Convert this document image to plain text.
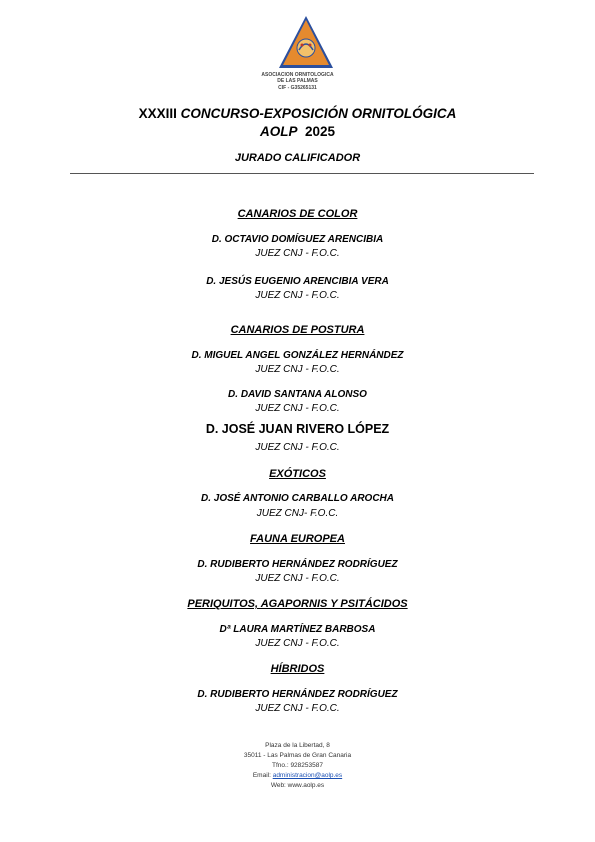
ASOCIACION ORNITOLOGICA
DE LAS PALMAS
CIF - G35265131
XXXIII CONCURSO-EXPOSICIÓN ORNITOLÓGICA
AOLP 2025
JURADO CALIFICADOR
CANARIOS DE COLOR
D. OCTAVIO DOMÍGUEZ ARENCIBIA
JUEZ CNJ - F.O.C.
D. JESÚS EUGENIO ARENCIBIA VERA
JUEZ CNJ - F.O.C.
CANARIOS DE POSTURA
D. MIGUEL ANGEL GONZÁLEZ HERNÁNDEZ
JUEZ CNJ - F.O.C.
D. DAVID SANTANA ALONSO
JUEZ CNJ - F.O.C.
D. JOSÉ JUAN RIVERO LÓPEZ
JUEZ CNJ - F.O.C.
EXÓTICOS
D. JOSÉ ANTONIO CARBALLO AROCHA
JUEZ CNJ- F.O.C.
FAUNA EUROPEA
D. RUDIBERTO HERNÁNDEZ RODRÍGUEZ
JUEZ CNJ - F.O.C.
PERIQUITOS, AGAPORNIS Y PSITÁCIDOS
Dª LAURA MARTÍNEZ BARBOSA
JUEZ CNJ - F.O.C.
HÍBRIDOS
D. RUDIBERTO HERNÁNDEZ RODRÍGUEZ
JUEZ CNJ - F.O.C.
Plaza de la Libertad, 8
35011 - Las Palmas de Gran Canaria
Tfno.: 928253587
Email: administracion@aolp.es
Web: www.aolp.es
